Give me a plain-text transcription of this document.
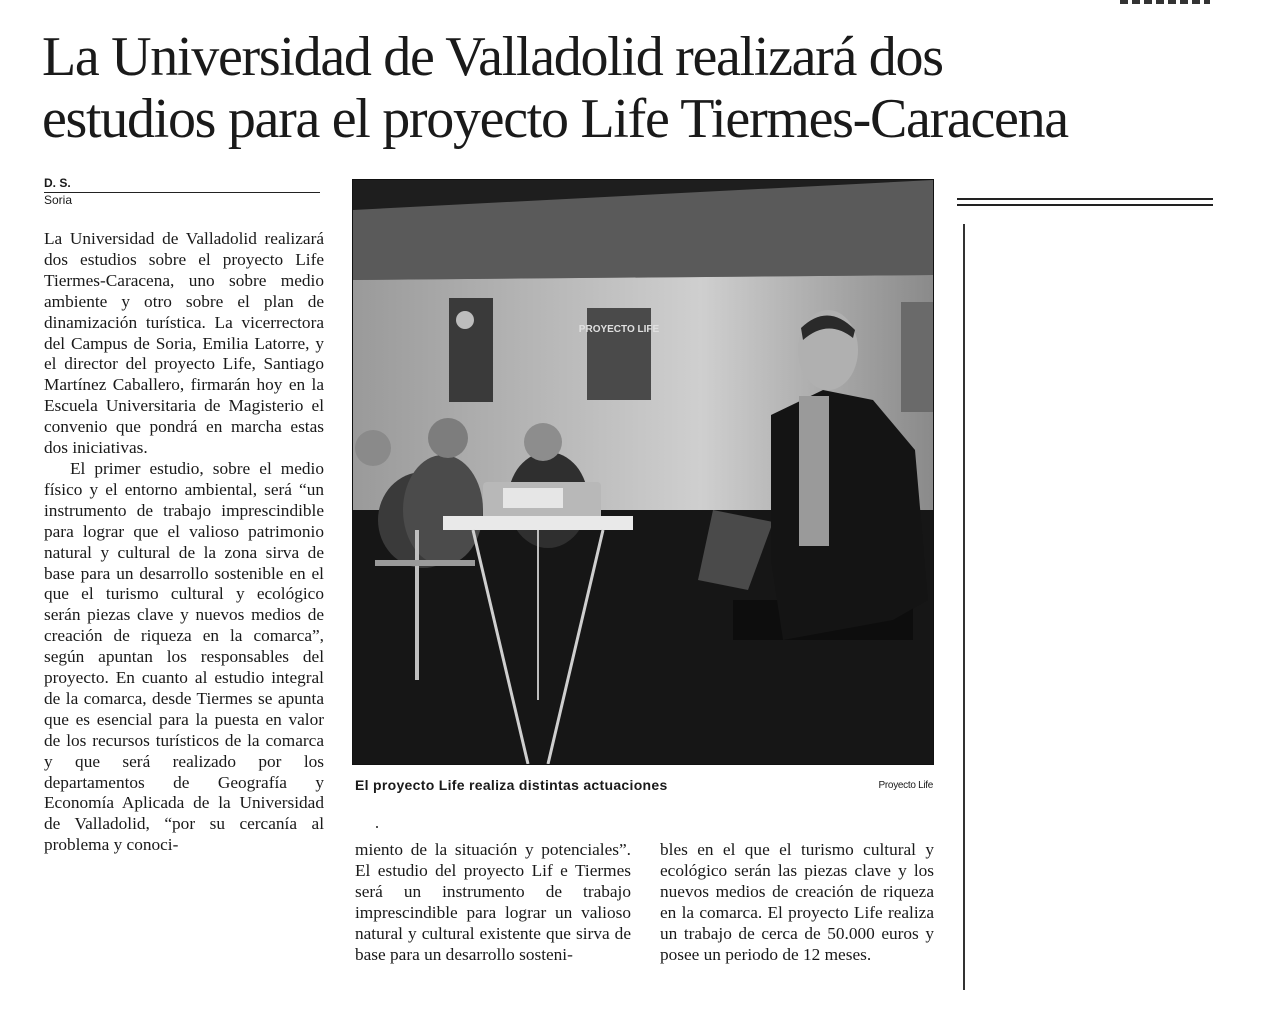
La Universidad de Valladolid realizará dos
estudios para el proyecto Life Tiermes-Caracena
D. S.
Soria

La Universidad de Valladolid realizará dos estudios sobre el proyecto Life Tiermes-Caracena, uno sobre medio ambiente y otro sobre el plan de dinamización turística. La vicerrectora del Campus de Soria, Emilia Latorre, y el director del proyecto Life, Santiago Martínez Caballero, firmarán hoy en la Escuela Universitaria de Magisterio el convenio que pondrá en marcha estas dos iniciativas.

El primer estudio, sobre el medio físico y el entorno ambiental, será “un instrumento de trabajo imprescindible para lograr que el valioso patrimonio natural y cultural de la zona sirva de base para un desarrollo sostenible en el que el turismo cultural y ecológico serán piezas clave y nuevos medios de creación de riqueza en la comarca”, según apuntan los responsables del proyecto. En cuanto al estudio integral de la comarca, desde Tiermes se apunta que es esencial para la puesta en valor de los recursos turísticos de la comarca y que será realizado por los departamentos de Geografía y Economía Aplicada de la Universidad de Valladolid, “por su cercanía al problema y conoci-

PROYECTO LIFE
El proyecto Life realiza distintas actuaciones	Proyecto Life

miento de la situación y potenciales”. El estudio del proyecto Lif e Tiermes será un instrumento de trabajo imprescindible para lograr un valioso natural y cultural existente que sirva de base para un desarrollo sosteni-

bles en el que el turismo cultural y ecológico serán las piezas clave y los nuevos medios de creación de riqueza en la comarca. El proyecto Life realiza un trabajo de cerca de 50.000 euros y posee un periodo de 12 meses.
